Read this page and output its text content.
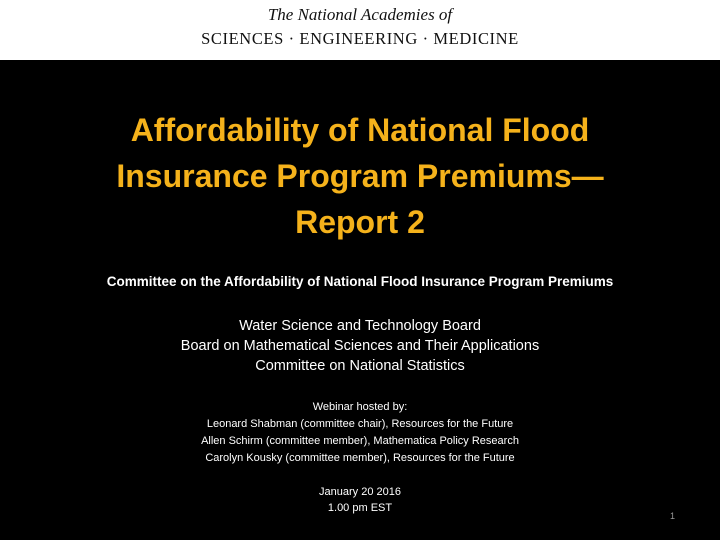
The National Academies of
SCIENCES · ENGINEERING · MEDICINE
Affordability of National Flood
Insurance Program Premiums—
Report 2
Committee on the Affordability of National Flood Insurance Program Premiums
Water Science and Technology Board
Board on Mathematical Sciences and Their Applications
Committee on National Statistics
Webinar hosted by:
Leonard Shabman (committee chair), Resources for the Future
Allen Schirm (committee member), Mathematica Policy Research
Carolyn Kousky (committee member), Resources for the Future
January 20 2016
1.00 pm EST
1
